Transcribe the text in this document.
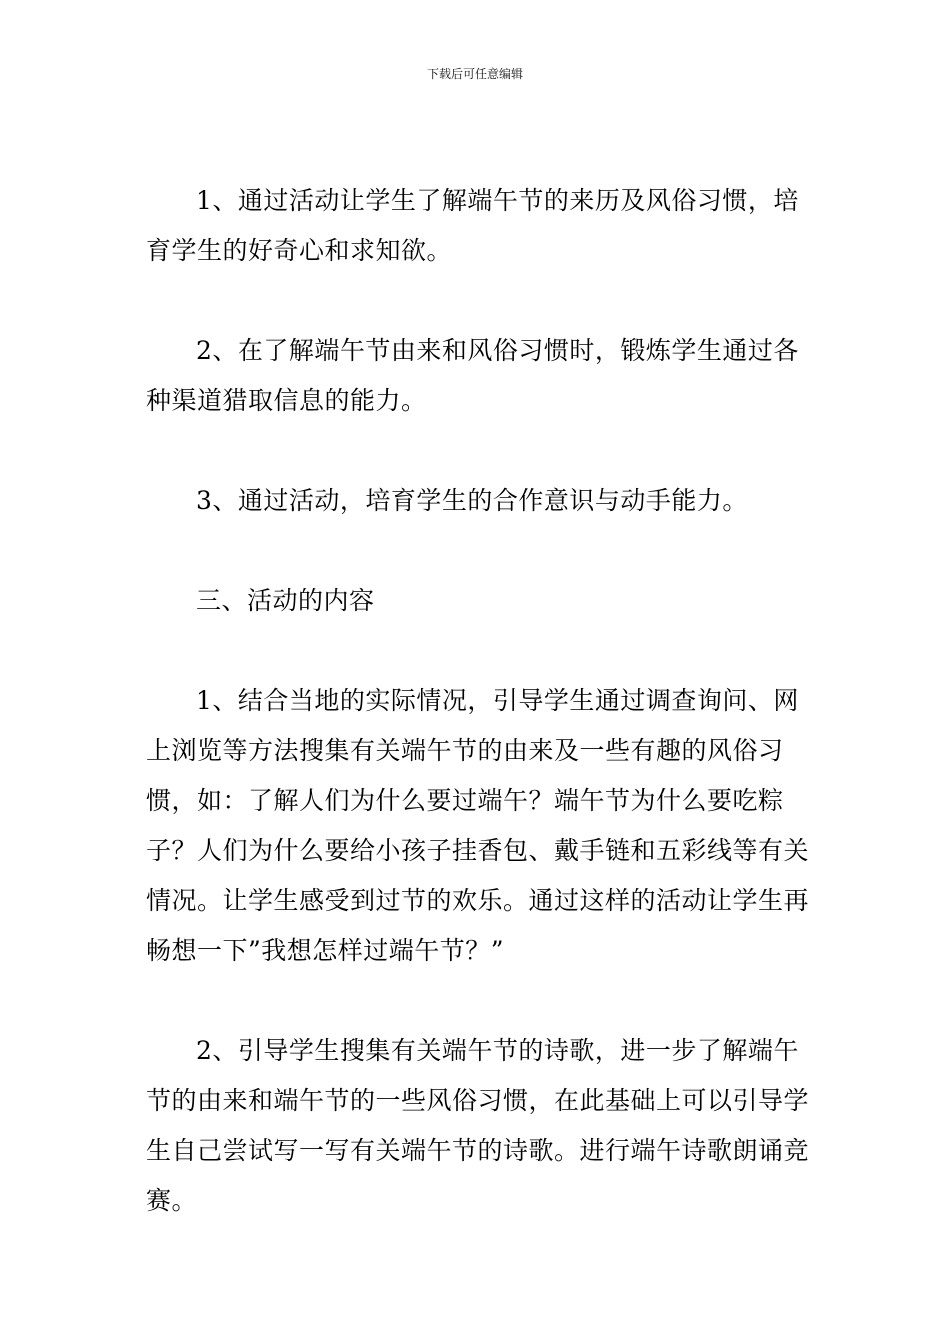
下载后可任意编辑

1、通过活动让学生了解端午节的来历及风俗习惯，培育学生的好奇心和求知欲。

2、在了解端午节由来和风俗习惯时，锻炼学生通过各种渠道猎取信息的能力。

3、通过活动，培育学生的合作意识与动手能力。

三、活动的内容

1、结合当地的实际情况，引导学生通过调查询问、网上浏览等方法搜集有关端午节的由来及一些有趣的风俗习惯，如：了解人们为什么要过端午？端午节为什么要吃粽子？人们为什么要给小孩子挂香包、戴手链和五彩线等有关情况。让学生感受到过节的欢乐。通过这样的活动让学生再畅想一下”我想怎样过端午节？”

2、引导学生搜集有关端午节的诗歌，进一步了解端午节的由来和端午节的一些风俗习惯，在此基础上可以引导学生自己尝试写一写有关端午节的诗歌。进行端午诗歌朗诵竞赛。
